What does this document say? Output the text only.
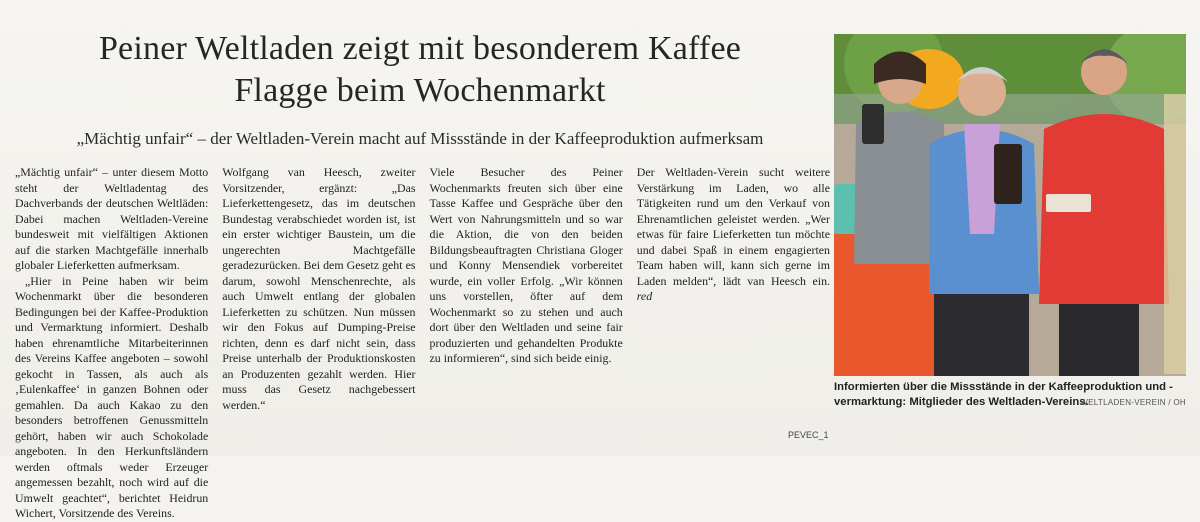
Peiner Weltladen zeigt mit besonderem Kaffee
Flagge beim Wochenmarkt
„Mächtig unfair“ – der Weltladen-Verein macht auf Missstände in der Kaffeeproduktion aufmerksam

„Mächtig unfair“ – unter diesem Motto steht der Weltladentag des Dachverbands der deutschen Weltläden: Dabei machen Weltladen-Vereine bundesweit mit vielfältigen Aktionen auf die starken Machtgefälle innerhalb globaler Lieferketten aufmerksam.

„Hier in Peine haben wir beim Wochenmarkt über die besonderen Bedingungen bei der Kaffee-Produktion und Vermarktung informiert. Deshalb haben ehrenamtliche Mitarbeiterinnen des Vereins Kaffee angeboten – sowohl gekocht in Tassen, als auch als ‚Eulenkaffee‘ in ganzen Bohnen oder gemahlen. Da auch Kakao zu den besonders betroffenen Genussmitteln gehört, haben wir auch Schokolade angeboten. In den Herkunftsländern werden oftmals weder Erzeuger angemessen bezahlt, noch wird auf die Umwelt geachtet“, berichtet Heidrun Wichert, Vorsitzende des Vereins.

Wolfgang van Heesch, zweiter Vorsitzender, ergänzt: „Das Lieferkettengesetz, das im deutschen Bundestag verabschiedet worden ist, ist ein erster wichtiger Baustein, um die ungerechten Machtgefälle geradezurücken. Bei dem Gesetz geht es darum, sowohl Menschenrechte, als auch Umwelt entlang der globalen Lieferketten zu schützen. Nun müssen wir den Fokus auf Dumping-Preise richten, denn es darf nicht sein, dass Preise unterhalb der Produktionskosten an Produzenten gezahlt werden. Hier muss das Gesetz nachgebessert werden.“

Viele Besucher des Peiner Wochenmarkts freuten sich über eine Tasse Kaffee und Gespräche über den Wert von Nahrungsmitteln und so war die Aktion, die von den beiden Bildungsbeauftragten Christiana Gloger und Konny Mensendiek vorbereitet wurde, ein voller Erfolg. „Wir können uns vorstellen, öfter auf dem Wochenmarkt so zu stehen und auch dort über den Weltladen und seine fair produzierten und gehandelten Produkte zu informieren“, sind sich beide einig.

Der Weltladen-Verein sucht weitere Verstärkung im Laden, wo alle Tätigkeiten rund um den Verkauf von Ehrenamtlichen geleistet werden. „Wer etwas für faire Lieferketten tun möchte und dabei Spaß in einem engagierten Team haben will, kann sich gerne im Laden melden“, lädt van Heesch ein. red

Informierten über die Missstände in der Kaffeeproduktion und -vermarktung: Mitglieder des Weltladen-Vereins.
WELTLADEN-VEREIN / OH
PEVEC_1
